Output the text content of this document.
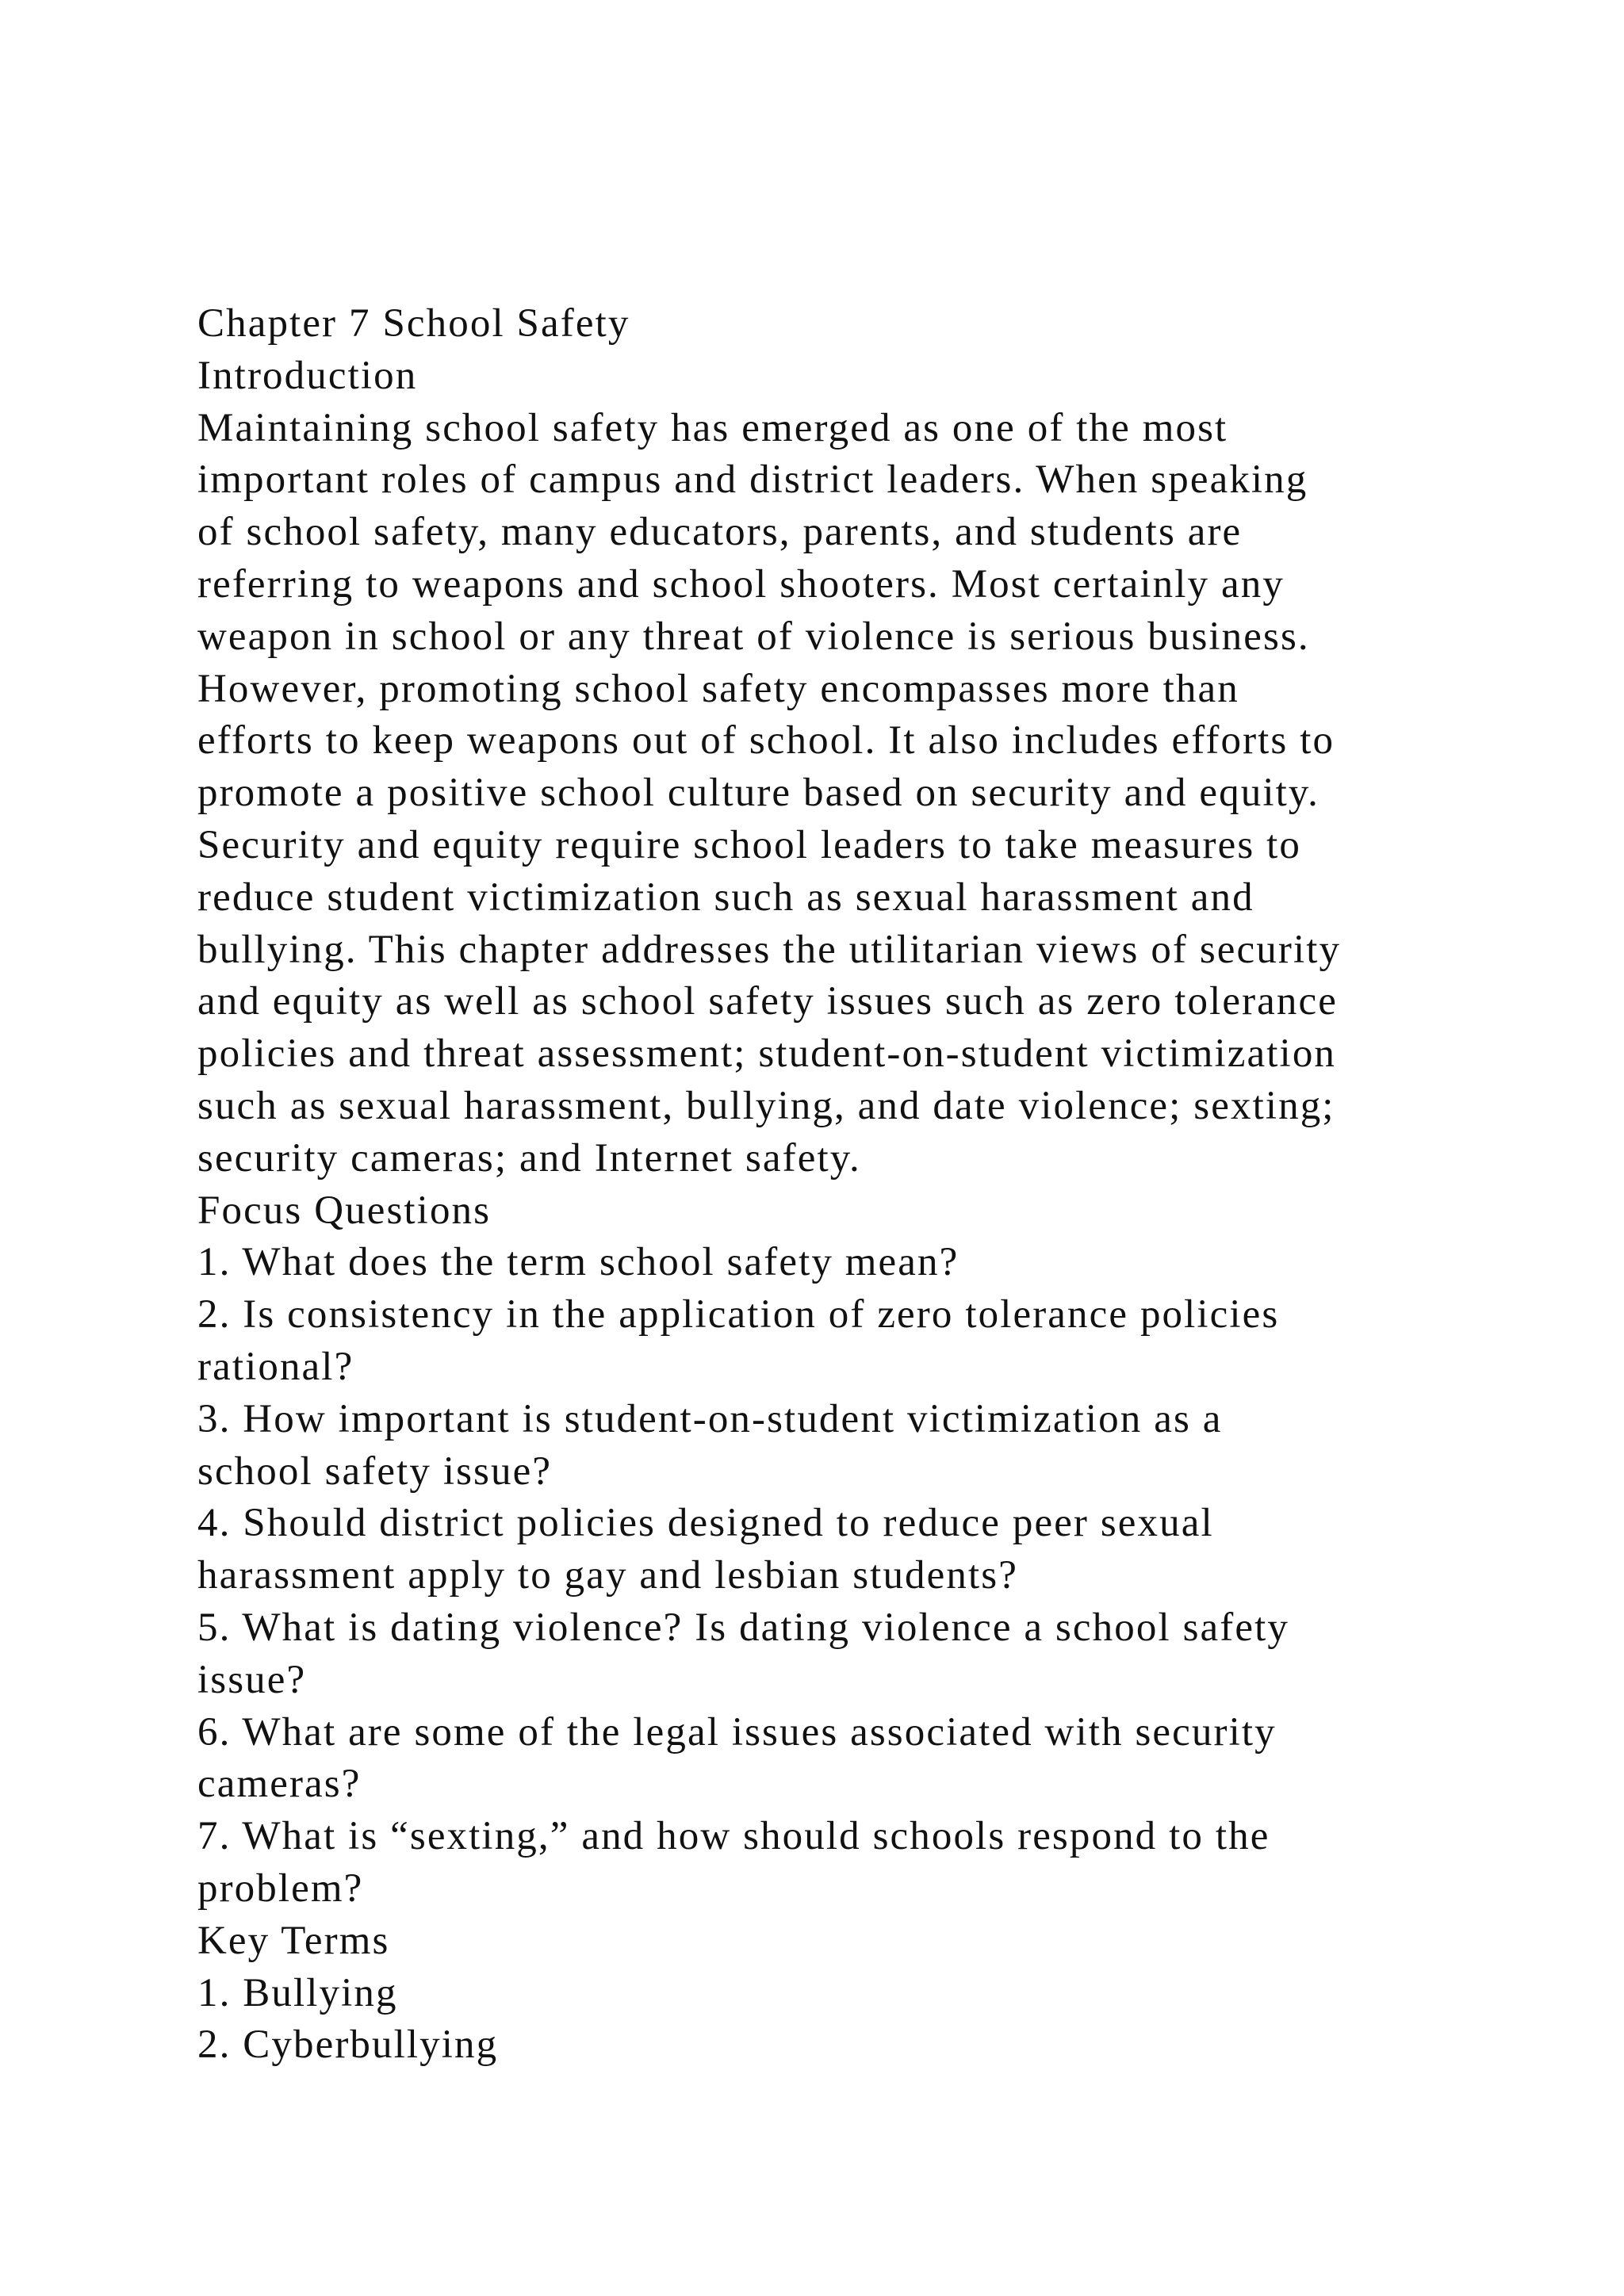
Chapter 7 School Safety
Introduction
Maintaining school safety has emerged as one of the most
important roles of campus and district leaders. When speaking
of school safety, many educators, parents, and students are
referring to weapons and school shooters. Most certainly any
weapon in school or any threat of violence is serious business.
However, promoting school safety encompasses more than
efforts to keep weapons out of school. It also includes efforts to
promote a positive school culture based on security and equity.
Security and equity require school leaders to take measures to
reduce student victimization such as sexual harassment and
bullying. This chapter addresses the utilitarian views of security
and equity as well as school safety issues such as zero tolerance
policies and threat assessment; student-on-student victimization
such as sexual harassment, bullying, and date violence; sexting;
security cameras; and Internet safety.
Focus Questions
1. What does the term school safety mean?
2. Is consistency in the application of zero tolerance policies
rational?
3. How important is student-on-student victimization as a
school safety issue?
4. Should district policies designed to reduce peer sexual
harassment apply to gay and lesbian students?
5. What is dating violence? Is dating violence a school safety
issue?
6. What are some of the legal issues associated with security
cameras?
7. What is “sexting,” and how should schools respond to the
problem?
Key Terms
1. Bullying
2. Cyberbullying
